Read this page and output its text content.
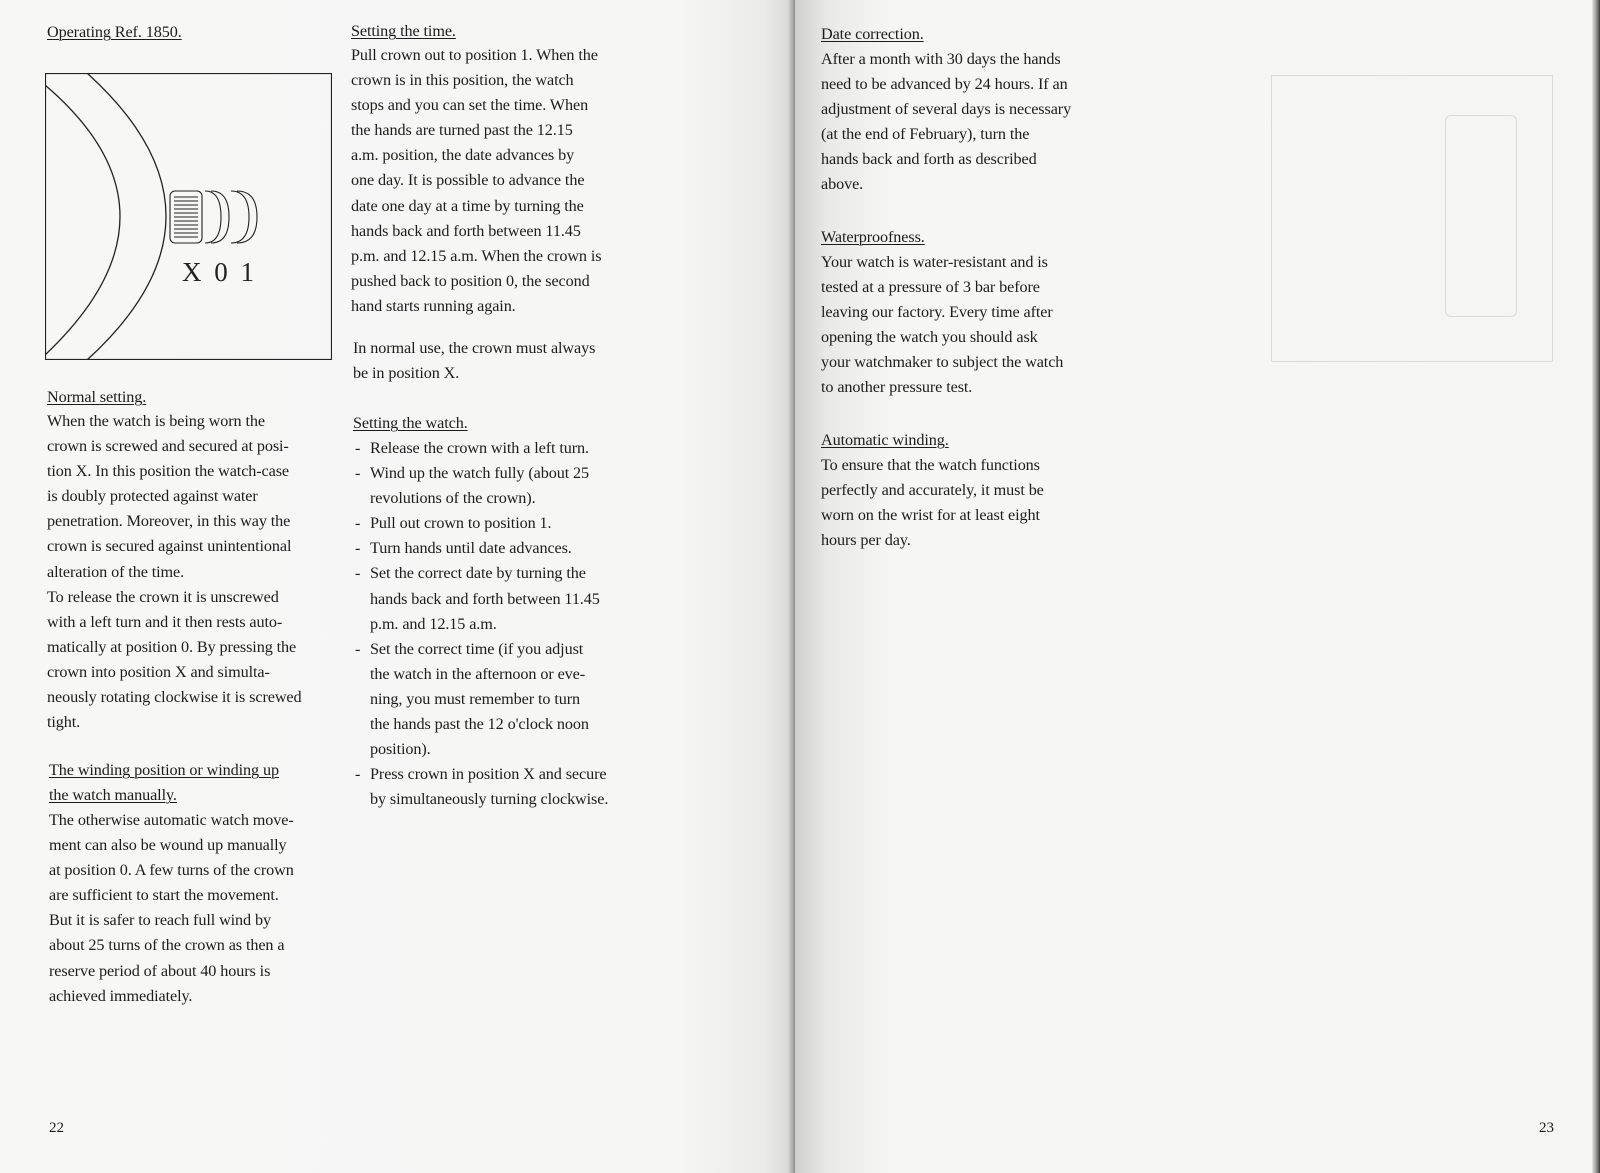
Operating Ref. 1850.
X 0 1
Normal setting.
When the watch is being worn the
crown is screwed and secured at posi-
tion X. In this position the watch-case
is doubly protected against water
penetration. Moreover, in this way the
crown is secured against unintentional
alteration of the time.
To release the crown it is unscrewed
with a left turn and it then rests auto-
matically at position 0. By pressing the
crown into position X and simulta-
neously rotating clockwise it is screwed
tight.
The winding position or winding up
the watch manually.
The otherwise automatic watch move-
ment can also be wound up manually
at position 0. A few turns of the crown
are sufficient to start the movement.
But it is safer to reach full wind by
about 25 turns of the crown as then a
reserve period of about 40 hours is
achieved immediately.
Setting the time.
Pull crown out to position 1. When the
crown is in this position, the watch
stops and you can set the time. When
the hands are turned past the 12.15
a.m. position, the date advances by
one day. It is possible to advance the
date one day at a time by turning the
hands back and forth between 11.45
p.m. and 12.15 a.m. When the crown is
pushed back to position 0, the second
hand starts running again.
In normal use, the crown must always
be in position X.
Setting the watch.
- Release the crown with a left turn.
- Wind up the watch fully (about 25
revolutions of the crown).
- Pull out crown to position 1.
- Turn hands until date advances.
- Set the correct date by turning the
hands back and forth between 11.45
p.m. and 12.15 a.m.
- Set the correct time (if you adjust
the watch in the afternoon or eve-
ning, you must remember to turn
the hands past the 12 o'clock noon
position).
- Press crown in position X and secure
by simultaneously turning clockwise.
22
Date correction.
After a month with 30 days the hands
need to be advanced by 24 hours. If an
adjustment of several days is necessary
(at the end of February), turn the
hands back and forth as described
above.
Waterproofness.
Your watch is water-resistant and is
tested at a pressure of 3 bar before
leaving our factory. Every time after
opening the watch you should ask
your watchmaker to subject the watch
to another pressure test.
Automatic winding.
To ensure that the watch functions
perfectly and accurately, it must be
worn on the wrist for at least eight
hours per day.
23
